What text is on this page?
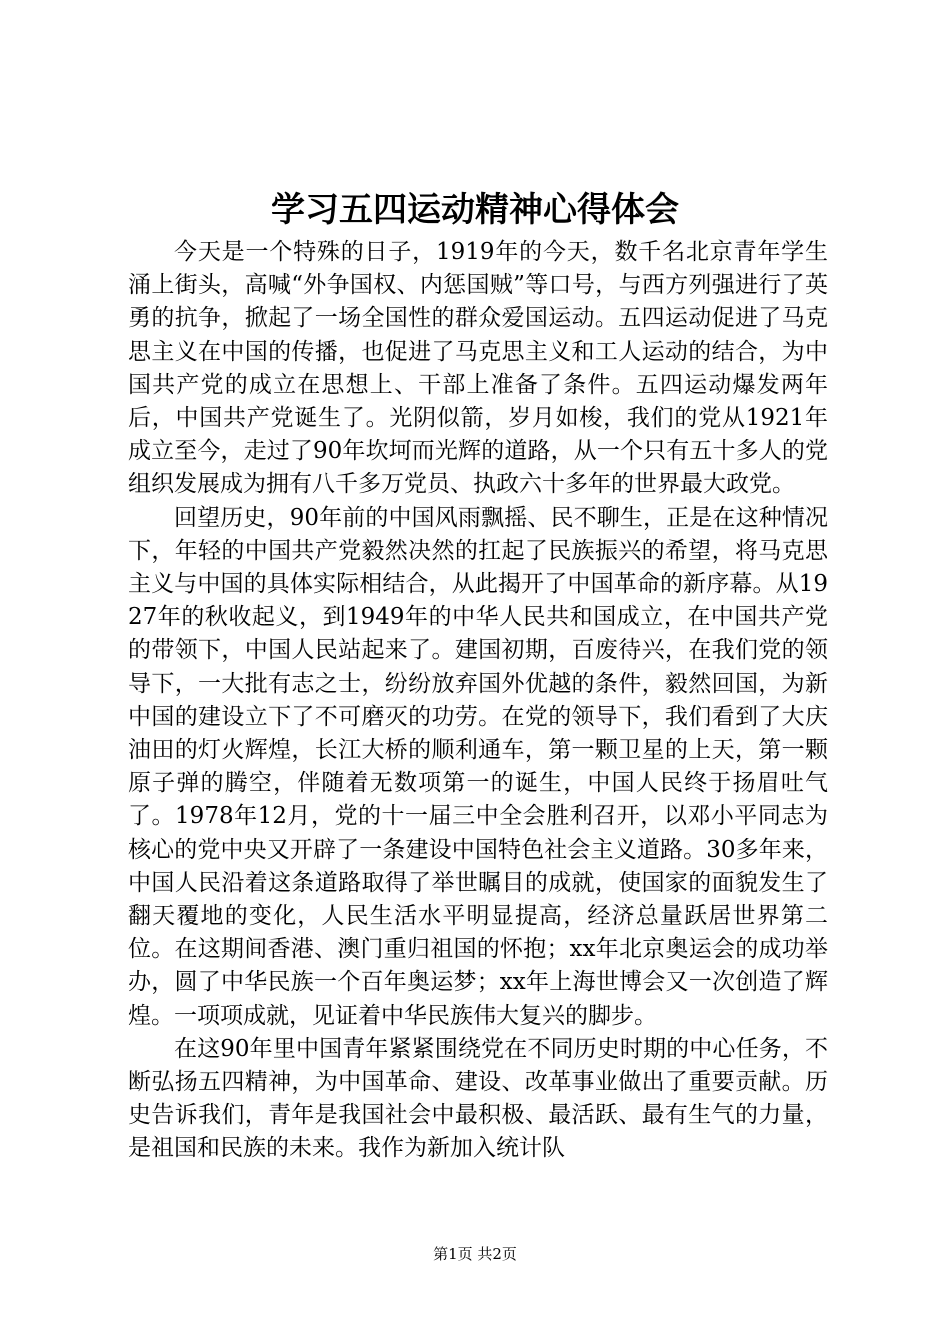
学习五四运动精神心得体会

今天是一个特殊的日子，1919年的今天，数千名北京青年学生涌上街头，高喊“外争国权、内惩国贼”等口号，与西方列强进行了英勇的抗争，掀起了一场全国性的群众爱国运动。五四运动促进了马克思主义在中国的传播，也促进了马克思主义和工人运动的结合，为中国共产党的成立在思想上、干部上准备了条件。五四运动爆发两年后，中国共产党诞生了。光阴似箭，岁月如梭，我们的党从1921年成立至今，走过了90年坎坷而光辉的道路，从一个只有五十多人的党组织发展成为拥有八千多万党员、执政六十多年的世界最大政党。

回望历史，90年前的中国风雨飘摇、民不聊生，正是在这种情况下，年轻的中国共产党毅然决然的扛起了民族振兴的希望，将马克思主义与中国的具体实际相结合，从此揭开了中国革命的新序幕。从1927年的秋收起义，到1949年的中华人民共和国成立，在中国共产党的带领下，中国人民站起来了。建国初期，百废待兴，在我们党的领导下，一大批有志之士，纷纷放弃国外优越的条件，毅然回国，为新中国的建设立下了不可磨灭的功劳。在党的领导下，我们看到了大庆油田的灯火辉煌，长江大桥的顺利通车，第一颗卫星的上天，第一颗原子弹的腾空，伴随着无数项第一的诞生，中国人民终于扬眉吐气了。1978年12月，党的十一届三中全会胜利召开，以邓小平同志为核心的党中央又开辟了一条建设中国特色社会主义道路。30多年来，中国人民沿着这条道路取得了举世瞩目的成就，使国家的面貌发生了翻天覆地的变化，人民生活水平明显提高，经济总量跃居世界第二位。在这期间香港、澳门重归祖国的怀抱；xx年北京奥运会的成功举办，圆了中华民族一个百年奥运梦；xx年上海世博会又一次创造了辉煌。一项项成就，见证着中华民族伟大复兴的脚步。

在这90年里中国青年紧紧围绕党在不同历史时期的中心任务，不断弘扬五四精神，为中国革命、建设、改革事业做出了重要贡献。历史告诉我们，青年是我国社会中最积极、最活跃、最有生气的力量，是祖国和民族的未来。我作为新加入统计队

第1页 共2页
